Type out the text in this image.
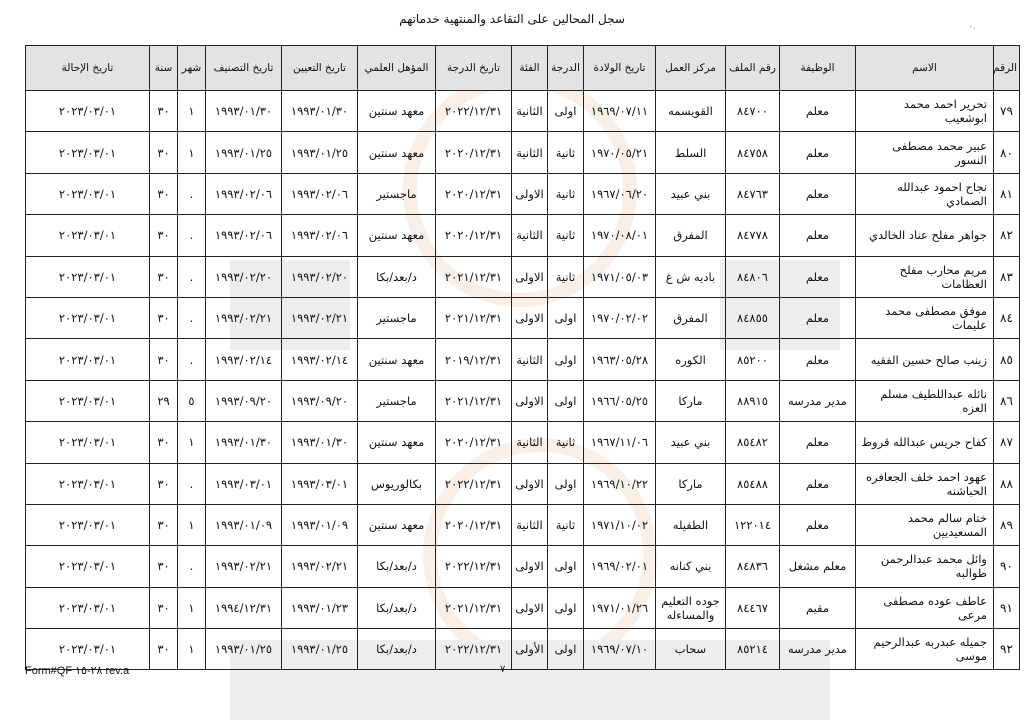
سجل المحالين على التقاعد والمنتهية خدماتهم
٠.
الرقم	الاسم	الوظيفة	رقم الملف	مركز العمل	تاريخ الولادة	الدرجة	الفئة	تاريخ الدرجة	المؤهل العلمي	تاريخ التعيين	تاريخ التصنيف	شهر	سنة	تاريخ الإحالة
٧٩	تحرير احمد محمد ابوشعيب	معلم	٨٤٧٠٠	القويسمه	١٩٦٩/٠٧/١١	اولى	الثانية	٢٠٢٢/١٢/٣١	معهد سنتين	١٩٩٣/٠١/٣٠	١٩٩٣/٠١/٣٠	١	٣٠	٢٠٢٣/٠٣/٠١
٨٠	عبير محمد مصطفى النسور	معلم	٨٤٧٥٨	السلط	١٩٧٠/٠٥/٢١	ثانية	الثانية	٢٠٢٠/١٢/٣١	معهد سنتين	١٩٩٣/٠١/٢٥	١٩٩٣/٠١/٢٥	١	٣٠	٢٠٢٣/٠٣/٠١
٨١	نجاح احمود عبدالله الصمادي	معلم	٨٤٧٦٣	بني عبيد	١٩٦٧/٠٦/٢٠	ثانية	الاولى	٢٠٢٠/١٢/٣١	ماجستير	١٩٩٣/٠٢/٠٦	١٩٩٣/٠٢/٠٦	.	٣٠	٢٠٢٣/٠٣/٠١
٨٢	جواهر مفلح عناد الخالدي	معلم	٨٤٧٧٨	المفرق	١٩٧٠/٠٨/٠١	ثانية	الثانية	٢٠٢٠/١٢/٣١	معهد سنتين	١٩٩٣/٠٢/٠٦	١٩٩٣/٠٢/٠٦	.	٣٠	٢٠٢٣/٠٣/٠١
٨٣	مريم محارب مفلح العظامات	معلم	٨٤٨٠٦	باديه ش غ	١٩٧١/٠٥/٠٣	ثانية	الاولى	٢٠٢١/١٢/٣١	د/بعد/بكا	١٩٩٣/٠٢/٢٠	١٩٩٣/٠٢/٢٠	.	٣٠	٢٠٢٣/٠٣/٠١
٨٤	موفق مصطفى محمد عليمات	معلم	٨٤٨٥٥	المفرق	١٩٧٠/٠٢/٠٢	اولى	الاولى	٢٠٢١/١٢/٣١	ماجستير	١٩٩٣/٠٢/٢١	١٩٩٣/٠٢/٢١	.	٣٠	٢٠٢٣/٠٣/٠١
٨٥	زينب صالح حسين الفقيه	معلم	٨٥٢٠٠	الكوره	١٩٦٣/٠٥/٢٨	اولى	الثانية	٢٠١٩/١٢/٣١	معهد سنتين	١٩٩٣/٠٢/١٤	١٩٩٣/٠٢/١٤	.	٣٠	٢٠٢٣/٠٣/٠١
٨٦	نائله عبداللطيف مسلم العزه	مدير مدرسه	٨٨٩١٥	ماركا	١٩٦٦/٠٥/٢٥	اولى	الاولى	٢٠٢١/١٢/٣١	ماجستير	١٩٩٣/٠٩/٢٠	١٩٩٣/٠٩/٢٠	٥	٢٩	٢٠٢٣/٠٣/٠١
٨٧	كفاح جريس عبدالله قروط	معلم	٨٥٤٨٢	بني عبيد	١٩٦٧/١١/٠٦	ثانية	الثانية	٢٠٢٠/١٢/٣١	معهد سنتين	١٩٩٣/٠١/٣٠	١٩٩٣/٠١/٣٠	١	٣٠	٢٠٢٣/٠٣/٠١
٨٨	عهود احمد خلف الجعافره الحباشنه	معلم	٨٥٤٨٨	ماركا	١٩٦٩/١٠/٢٢	اولى	الاولى	٢٠٢٢/١٢/٣١	بكالوريوس	١٩٩٣/٠٣/٠١	١٩٩٣/٠٣/٠١	.	٣٠	٢٠٢٣/٠٣/٠١
٨٩	ختام سالم محمد المسعيديين	معلم	١٢٢٠١٤	الطفيله	١٩٧١/١٠/٠٢	ثانية	الثانية	٢٠٢٠/١٢/٣١	معهد سنتين	١٩٩٣/٠١/٠٩	١٩٩٣/٠١/٠٩	١	٣٠	٢٠٢٣/٠٣/٠١
٩٠	وائل محمد عبدالرحمن طوالبه	معلم مشغل	٨٤٨٣٦	بني كنانه	١٩٦٩/٠٢/٠١	اولى	الاولى	٢٠٢٢/١٢/٣١	د/بعد/بكا	١٩٩٣/٠٢/٢١	١٩٩٣/٠٢/٢١	.	٣٠	٢٠٢٣/٠٣/٠١
٩١	عاطف عوده مصطفى مرعى	مقيم	٨٤٤٦٧	جوده التعليم والمساءله	١٩٧١/٠١/٢٦	اولى	الاولى	٢٠٢١/١٢/٣١	د/بعد/بكا	١٩٩٣/٠١/٢٣	١٩٩٤/١٢/٣١	١	٣٠	٢٠٢٣/٠٣/٠١
٩٢	جميله عبدربه عبدالرحيم موسى	مدير مدرسه	٨٥٢١٤	سحاب	١٩٦٩/٠٧/١٠	اولى	الأولى	٢٠٢٢/١٢/٣١	د/بعد/بكا	١٩٩٣/٠١/٢٥	١٩٩٣/٠١/٢٥	١	٣٠	٢٠٢٣/٠٣/٠١
Form#QF ٢٨-١٥ rev.a	٧
